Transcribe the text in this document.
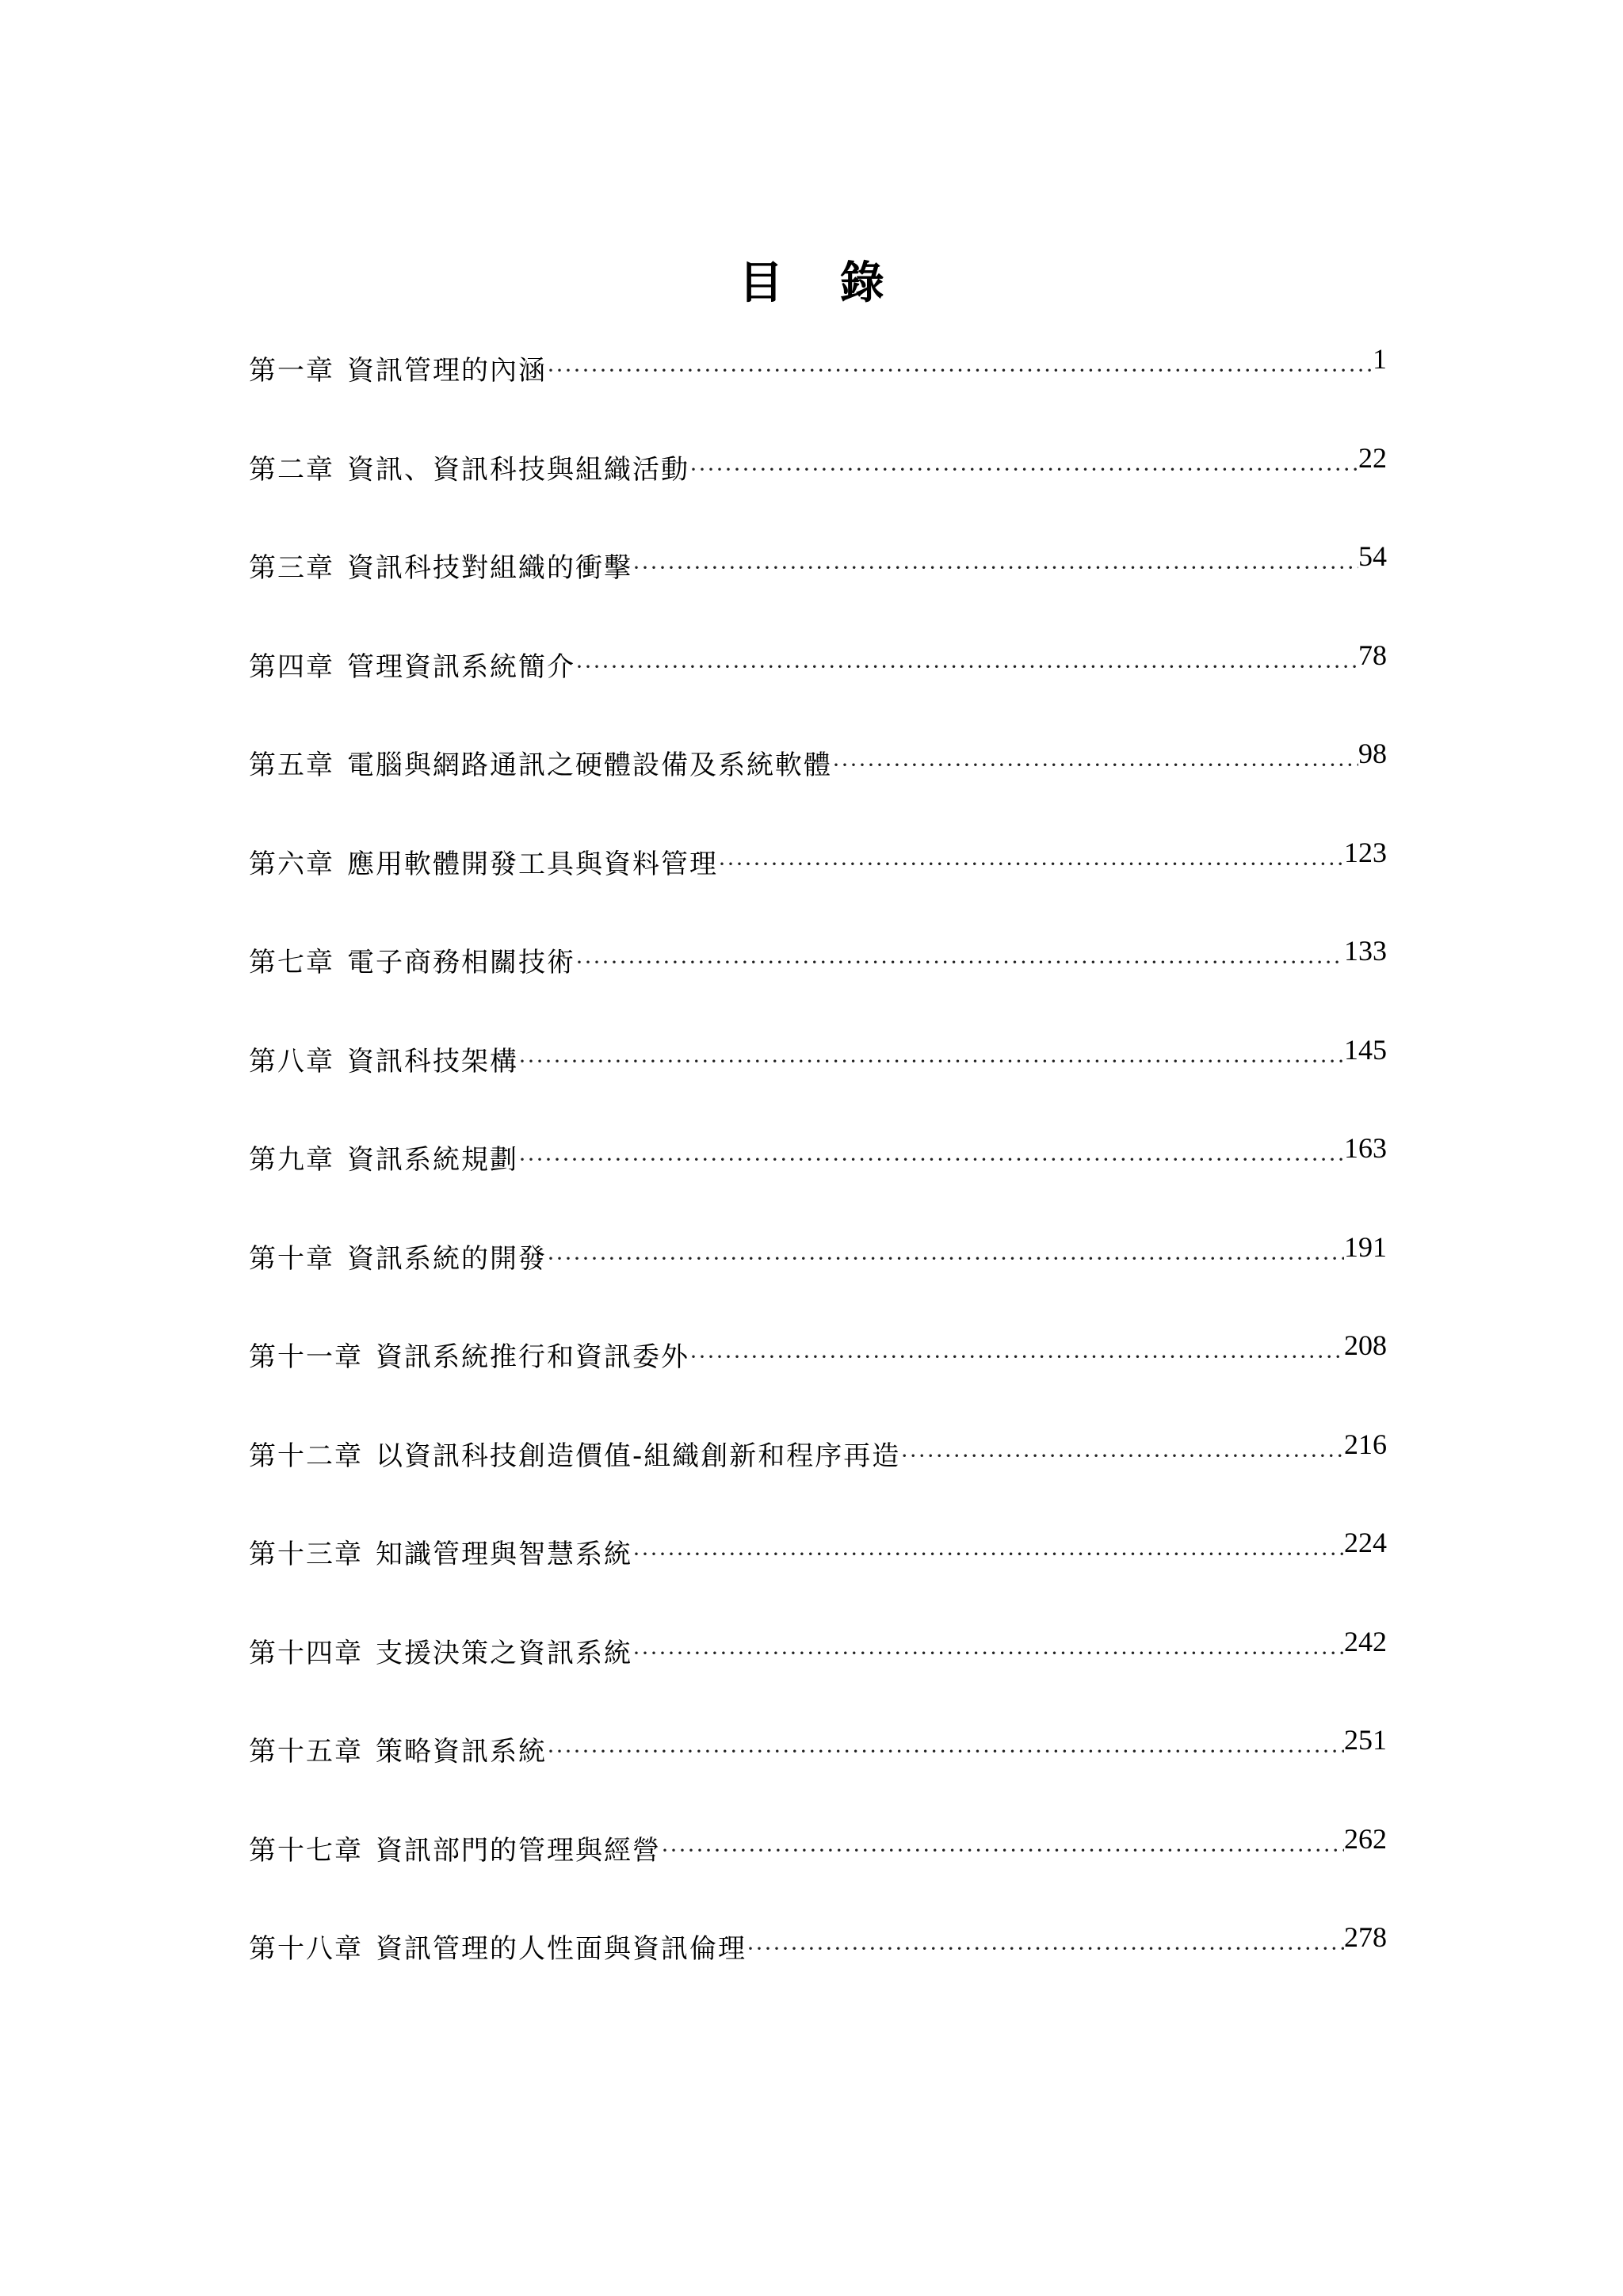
目 錄
第一章 資訊管理的內涵 ·····	1
第二章 資訊、資訊科技與組織活動 ·····	22
第三章 資訊科技對組織的衝擊 ·····	54
第四章 管理資訊系統簡介 ·····	78
第五章 電腦與網路通訊之硬體設備及系統軟體 ·····	98
第六章 應用軟體開發工具與資料管理 ·····	123
第七章 電子商務相關技術 ·····	133
第八章 資訊科技架構 ·····	145
第九章 資訊系統規劃 ·····	163
第十章 資訊系統的開發 ·····	191
第十一章 資訊系統推行和資訊委外 ·····	208
第十二章 以資訊科技創造價值-組織創新和程序再造 ·····	216
第十三章 知識管理與智慧系統 ·····	224
第十四章 支援決策之資訊系統 ·····	242
第十五章 策略資訊系統 ·····	251
第十七章 資訊部門的管理與經營 ·····	262
第十八章 資訊管理的人性面與資訊倫理 ·····	278
